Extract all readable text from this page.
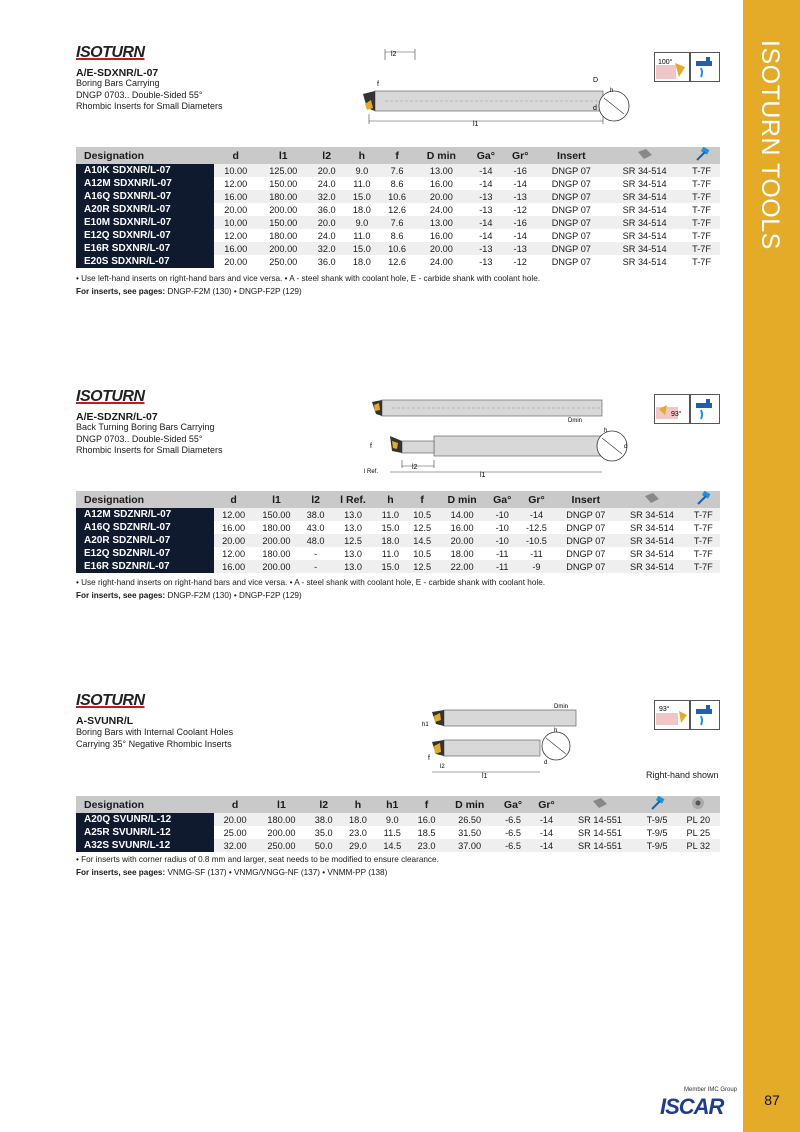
ISOTURN TOOLS
87
ISOTURN
A/E-SDXNR/L-07
Boring Bars Carrying
DNGP 0703.. Double-Sided 55°
Rhombic Inserts for Small Diameters
l2
l1
f
D
d
h
100°
Designation	d	l1	l2	h	f	D min	Ga°	Gr°	Insert		
A10K SDXNR/L-07	10.00	125.00	20.0	9.0	7.6	13.00	-14	-16	DNGP 07	SR 34-514	T-7F
A12M SDXNR/L-07	12.00	150.00	24.0	11.0	8.6	16.00	-14	-14	DNGP 07	SR 34-514	T-7F
A16Q SDXNR/L-07	16.00	180.00	32.0	15.0	10.6	20.00	-13	-13	DNGP 07	SR 34-514	T-7F
A20R SDXNR/L-07	20.00	200.00	36.0	18.0	12.6	24.00	-13	-12	DNGP 07	SR 34-514	T-7F
E10M SDXNR/L-07	10.00	150.00	20.0	9.0	7.6	13.00	-14	-16	DNGP 07	SR 34-514	T-7F
E12Q SDXNR/L-07	12.00	180.00	24.0	11.0	8.6	16.00	-14	-14	DNGP 07	SR 34-514	T-7F
E16R SDXNR/L-07	16.00	200.00	32.0	15.0	10.6	20.00	-13	-13	DNGP 07	SR 34-514	T-7F
E20S SDXNR/L-07	20.00	250.00	36.0	18.0	12.6	24.00	-13	-12	DNGP 07	SR 34-514	T-7F
• Use left-hand inserts on right-hand bars and vice versa. • A - steel shank with coolant hole, E - carbide shank with coolant hole.
For inserts, see pages: DNGP-F2M (130) • DNGP-F2P (129)
ISOTURN
A/E-SDZNR/L-07
Back Turning Boring Bars Carrying
DNGP 0703.. Double-Sided 55°
Rhombic Inserts for Small Diameters
Dmin
f
l2
l Ref.	l1
h
d
93°
Designation	d	l1	l2	l Ref.	h	f	D min	Ga°	Gr°	Insert		
A12M SDZNR/L-07	12.00	150.00	38.0	13.0	11.0	10.5	14.00	-10	-14	DNGP 07	SR 34-514	T-7F
A16Q SDZNR/L-07	16.00	180.00	43.0	13.0	15.0	12.5	16.00	-10	-12.5	DNGP 07	SR 34-514	T-7F
A20R SDZNR/L-07	20.00	200.00	48.0	12.5	18.0	14.5	20.00	-10	-10.5	DNGP 07	SR 34-514	T-7F
E12Q SDZNR/L-07	12.00	180.00	-	13.0	11.0	10.5	18.00	-11	-11	DNGP 07	SR 34-514	T-7F
E16R SDZNR/L-07	16.00	200.00	-	13.0	15.0	12.5	22.00	-11	-9	DNGP 07	SR 34-514	T-7F
• Use right-hand inserts on right-hand bars and vice versa. • A - steel shank with coolant hole, E - carbide shank with coolant hole.
For inserts, see pages: DNGP-F2M (130) • DNGP-F2P (129)
ISOTURN
A-SVUNR/L
Boring Bars with Internal Coolant Holes
Carrying 35° Negative Rhombic Inserts
Dmin
h1
f
l2
l1
h
d
93°
Right-hand shown
Designation	d	l1	l2	h	h1	f	D min	Ga°	Gr°			
A20Q SVUNR/L-12	20.00	180.00	38.0	18.0	9.0	16.0	26.50	-6.5	-14	SR 14-551	T-9/5	PL 20
A25R SVUNR/L-12	25.00	200.00	35.0	23.0	11.5	18.5	31.50	-6.5	-14	SR 14-551	T-9/5	PL 25
A32S SVUNR/L-12	32.00	250.00	50.0	29.0	14.5	23.0	37.00	-6.5	-14	SR 14-551	T-9/5	PL 32
• For inserts with corner radius of 0.8 mm and larger, seat needs to be modified to ensure clearance.
For inserts, see pages: VNMG-SF (137) • VNMG/VNGG-NF (137) • VNMM-PP (138)
Member IMC Group
ISCAR
